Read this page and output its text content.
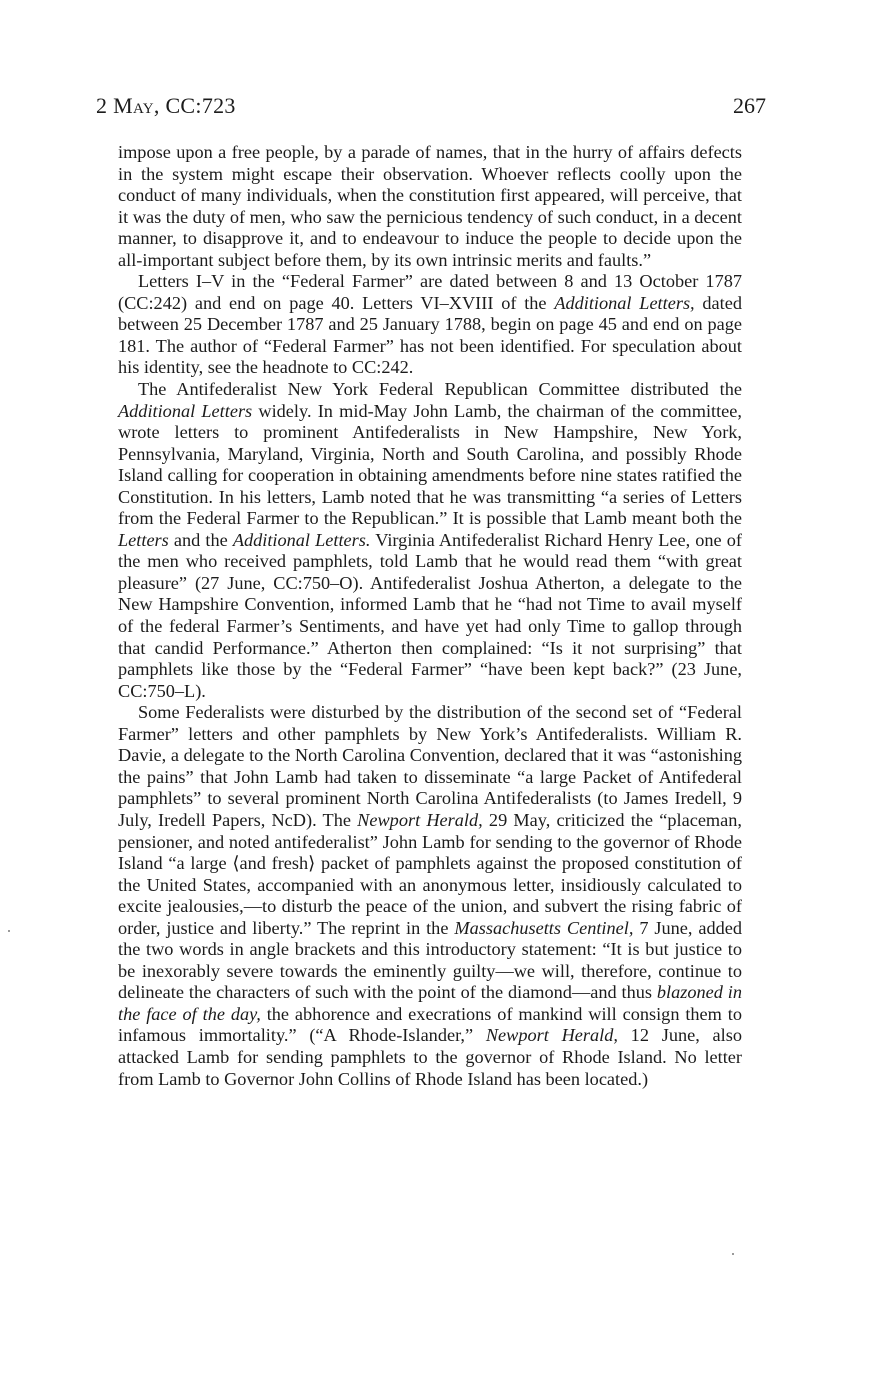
2 May, CC:723	267

impose upon a free people, by a parade of names, that in the hurry of affairs defects in the system might escape their observation. Whoever reflects coolly upon the conduct of many individuals, when the constitution first appeared, will perceive, that it was the duty of men, who saw the pernicious tendency of such conduct, in a decent manner, to disapprove it, and to endeavour to induce the people to decide upon the all-important subject before them, by its own intrinsic merits and faults.”

Letters I–V in the “Federal Farmer” are dated between 8 and 13 October 1787 (CC:242) and end on page 40. Letters VI–XVIII of the Additional Letters, dated between 25 December 1787 and 25 January 1788, begin on page 45 and end on page 181. The author of “Federal Farmer” has not been identified. For speculation about his identity, see the headnote to CC:242.

The Antifederalist New York Federal Republican Committee distributed the Additional Letters widely. In mid-May John Lamb, the chairman of the committee, wrote letters to prominent Antifederalists in New Hampshire, New York, Pennsylvania, Maryland, Virginia, North and South Carolina, and possibly Rhode Island calling for cooperation in obtaining amendments before nine states ratified the Constitution. In his letters, Lamb noted that he was transmitting “a series of Letters from the Federal Farmer to the Republican.” It is possible that Lamb meant both the Letters and the Additional Letters. Virginia Antifederalist Richard Henry Lee, one of the men who received pamphlets, told Lamb that he would read them “with great pleasure” (27 June, CC:750–O). Antifederalist Joshua Atherton, a delegate to the New Hampshire Convention, informed Lamb that he “had not Time to avail myself of the federal Farmer’s Sentiments, and have yet had only Time to gallop through that candid Performance.” Atherton then complained: “Is it not surprising” that pamphlets like those by the “Federal Farmer” “have been kept back?” (23 June, CC:750–L).

Some Federalists were disturbed by the distribution of the second set of “Federal Farmer” letters and other pamphlets by New York’s Antifederalists. William R. Davie, a delegate to the North Carolina Convention, declared that it was “astonishing the pains” that John Lamb had taken to disseminate “a large Packet of Antifederal pamphlets” to several prominent North Carolina Antifederalists (to James Iredell, 9 July, Iredell Papers, NcD). The Newport Herald, 29 May, criticized the “placeman, pensioner, and noted antifederalist” John Lamb for sending to the governor of Rhode Island “a large ⟨and fresh⟩ packet of pamphlets against the proposed constitution of the United States, accompanied with an anonymous letter, insidiously calculated to excite jealousies,—to disturb the peace of the union, and subvert the rising fabric of order, justice and liberty.” The reprint in the Massachusetts Centinel, 7 June, added the two words in angle brackets and this introductory statement: “It is but justice to be inexorably severe towards the eminently guilty—we will, therefore, continue to delineate the characters of such with the point of the diamond—and thus blazoned in the face of the day, the abhorence and execrations of mankind will consign them to infamous immortality.” (“A Rhode-Islander,” Newport Herald, 12 June, also attacked Lamb for sending pamphlets to the governor of Rhode Island. No letter from Lamb to Governor John Collins of Rhode Island has been located.)
